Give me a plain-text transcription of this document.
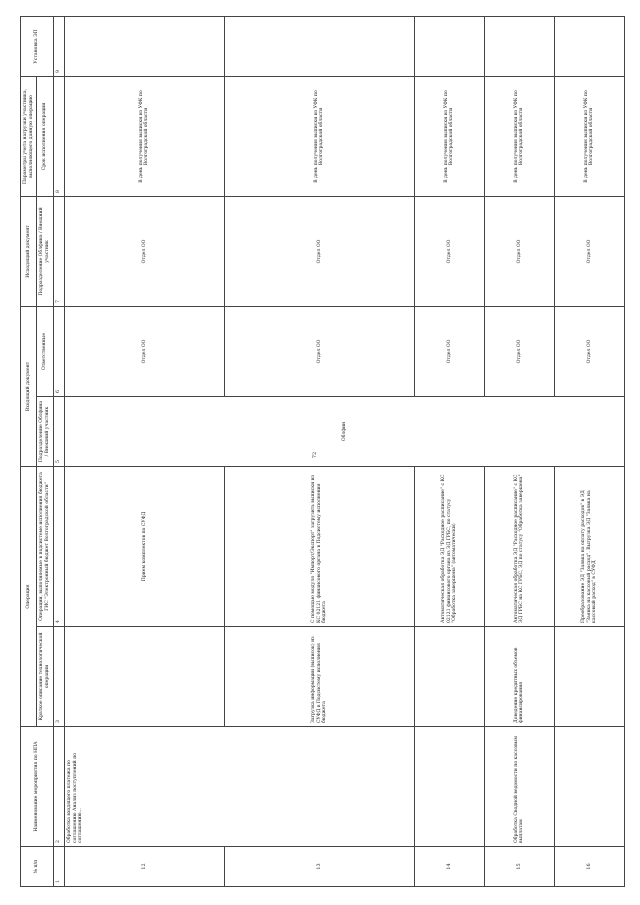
72
№ п/п	Наименование мероприятия по НПА	Операция		Входящий документ		Исходящий документ	Параметры учета нагрузки участника, выполняющего данную операцию	Установка ЭП
		Краткое описание технологической операции	Операции, выполняемые в подсистеме исполнения бюджета ГИС "Электронный бюджет Волгоградской области"	Подразделение Облфина / Внешний участник	Ответственные	Подразделение Облфина / Внешний участник	Срок исполнения операции	
1	2	3	4	5	6	7	8	9
12	Обработка входящего платежа по соглашению Анализ поступлений по соглашению...		Прием комплектов по СУФД	Облфин	Отдел ОО	Отдел ОО	В день получения выписки из УФК по Волгоградской области	
13		Загрузка информации (выписок) из СУФД в Подсистему исполнения бюджета	С помощью модуля "Импорт/Экспорт" загрузить выписки из КС 02121 финансового органа в Подсистему исполнения бюджета		Отдел ОО	Отдел ОО	В день получения выписки из УФК по Волгоградской области	
14			Автоматическая обработка ЭД "Расходное расписание" с КС 02121 финансового органа из ЭД ГРБС, по статусу "Обработка завершена" (автоматически)		Отдел ОО	Отдел ОО	В день получения выписки из УФК по Волгоградской области	
15	Обработка Сводной ведомости по кассовым выплатам	Доведение кредитных объемов финансирования	Автоматическая обработка ЭД "Расходное расписание" с КС ЭД ГРБС на КС ГРБС, ЭД по статусу "Обработка завершена"		Отдел ОО	Отдел ОО	В день получения выписки из УФК по Волгоградской области	
16			Преобразование ЭД "Заявка на оплату расходов" в ЭД "Заявка на кассовый расход". Выгрузка ЭД "Заявка на кассовый расход" в СУФД		Отдел ОО	Отдел ОО	В день получения выписки из УФК по Волгоградской области	
